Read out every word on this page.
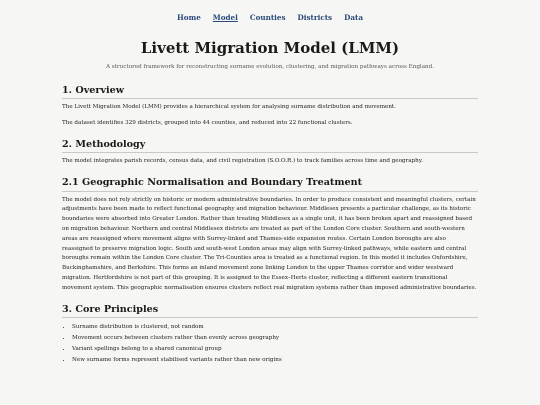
Home Model Counties Districts Data
Livett Migration Model (LMM)

A structured framework for reconstructing surname evolution, clustering, and migration pathways across England.

1. Overview

The Livett Migration Model (LMM) provides a hierarchical system for analysing surname distribution and movement.

The dataset identifies 329 districts, grouped into 44 counties, and reduced into 22 functional clusters.

2. Methodology

The model integrates parish records, census data, and civil registration (S.O.O.R.) to track families across time and geography.

2.1 Geographic Normalisation and Boundary Treatment

The model does not rely strictly on historic or modern administrative boundaries. In order to produce consistent and meaningful clusters, certain adjustments have been made to reflect functional geography and migration behaviour. Middlesex presents a particular challenge, as its historic boundaries were absorbed into Greater London. Rather than treating Middlesex as a single unit, it has been broken apart and reassigned based on migration behaviour. Northern and central Middlesex districts are treated as part of the London Core cluster. Southern and south-western areas are reassigned where movement aligns with Surrey-linked and Thames-side expansion routes. Certain London boroughs are also reassigned to preserve migration logic. South and south-west London areas may align with Surrey-linked pathways, while eastern and central boroughs remain within the London Core cluster. The Tri-Counties area is treated as a functional region. In this model it includes Oxfordshire, Buckinghamshire, and Berkshire. This forms an inland movement zone linking London to the upper Thames corridor and wider westward migration. Hertfordshire is not part of this grouping. It is assigned to the Essex–Herts cluster, reflecting a different eastern transitional movement system. This geographic normalisation ensures clusters reflect real migration systems rather than imposed administrative boundaries.

3. Core Principles
• Surname distribution is clustered, not random
• Movement occurs between clusters rather than evenly across geography
• Variant spellings belong to a shared canonical group
• New surname forms represent stabilised variants rather than new origins
